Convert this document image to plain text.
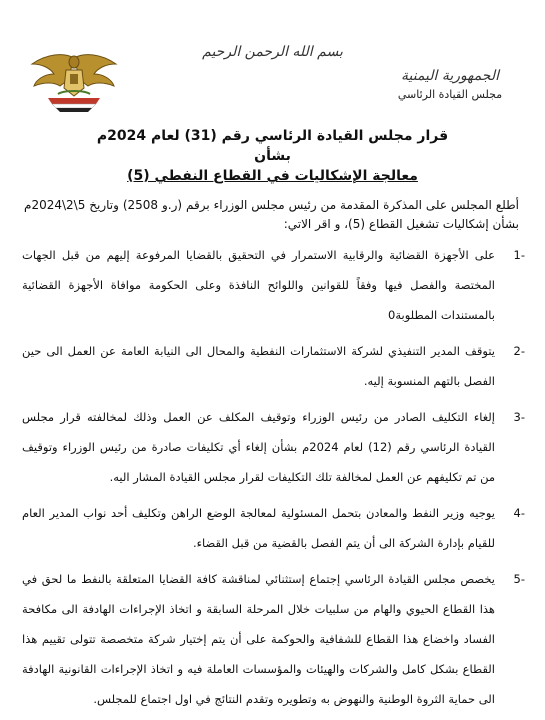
بسم الله الرحمن الرحيم
الجمهورية اليمنية
مجلس القيادة الرئاسي
قرار مجلس القيادة الرئاسي رقم (31) لعام 2024م
بشأن
معالجة الإشكاليات في القطاع النفطي (5)
أطلع المجلس على المذكرة المقدمة من رئيس مجلس الوزراء برقم (ر.و 2508) وتاريخ 5\2\2024م بشأن إشكاليات تشغيل القطاع (5)، و اقر الاتي:
-1
على الأجهزة القضائية والرقابية الاستمرار في التحقيق بالقضايا المرفوعة إليهم من قبل الجهات المختصة والفصل فيها وفقاً للقوانين واللوائح النافذة وعلى الحكومة موافاة الأجهزة القضائية بالمستندات المطلوبة0
-2
يتوقف المدير التنفيذي لشركة الاستثمارات النفطية والمحال الى النيابة العامة عن العمل الى حين الفصل بالتهم المنسوبة إليه.
-3
إلغاء التكليف الصادر من رئيس الوزراء وتوقيف المكلف عن العمل وذلك لمخالفته قرار مجلس القيادة الرئاسي رقم (12) لعام 2024م بشأن إلغاء أي تكليفات صادرة من رئيس الوزراء وتوقيف من تم تكليفهم عن العمل لمخالفة تلك التكليفات لقرار مجلس القيادة المشار اليه.
-4
يوجيه وزير النفط والمعادن بتحمل المسئولية لمعالجة الوضع الراهن وتكليف أحد نواب المدير العام للقيام بإدارة الشركة الى أن يتم الفصل بالقضية من قبل القضاء.
-5
يخصص مجلس القيادة الرئاسي إجتماع إستثنائي لمناقشة كافة القضايا المتعلقة بالنفط ما لحق في هذا القطاع الحيوي والهام من سلبيات خلال المرحلة السابقة و اتخاذ الإجراءات الهادفة الى مكافحة الفساد واخضاع هذا القطاع للشفافية والحوكمة على أن يتم إختيار شركة متخصصة تتولى تقييم هذا القطاع بشكل كامل والشركات والهيئات والمؤسسات العاملة فيه و اتخاذ الإجراءات القانونية الهادفة الى حماية الثروة الوطنية والنهوض به وتطويره وتقدم النتائج في اول اجتماع للمجلس.
